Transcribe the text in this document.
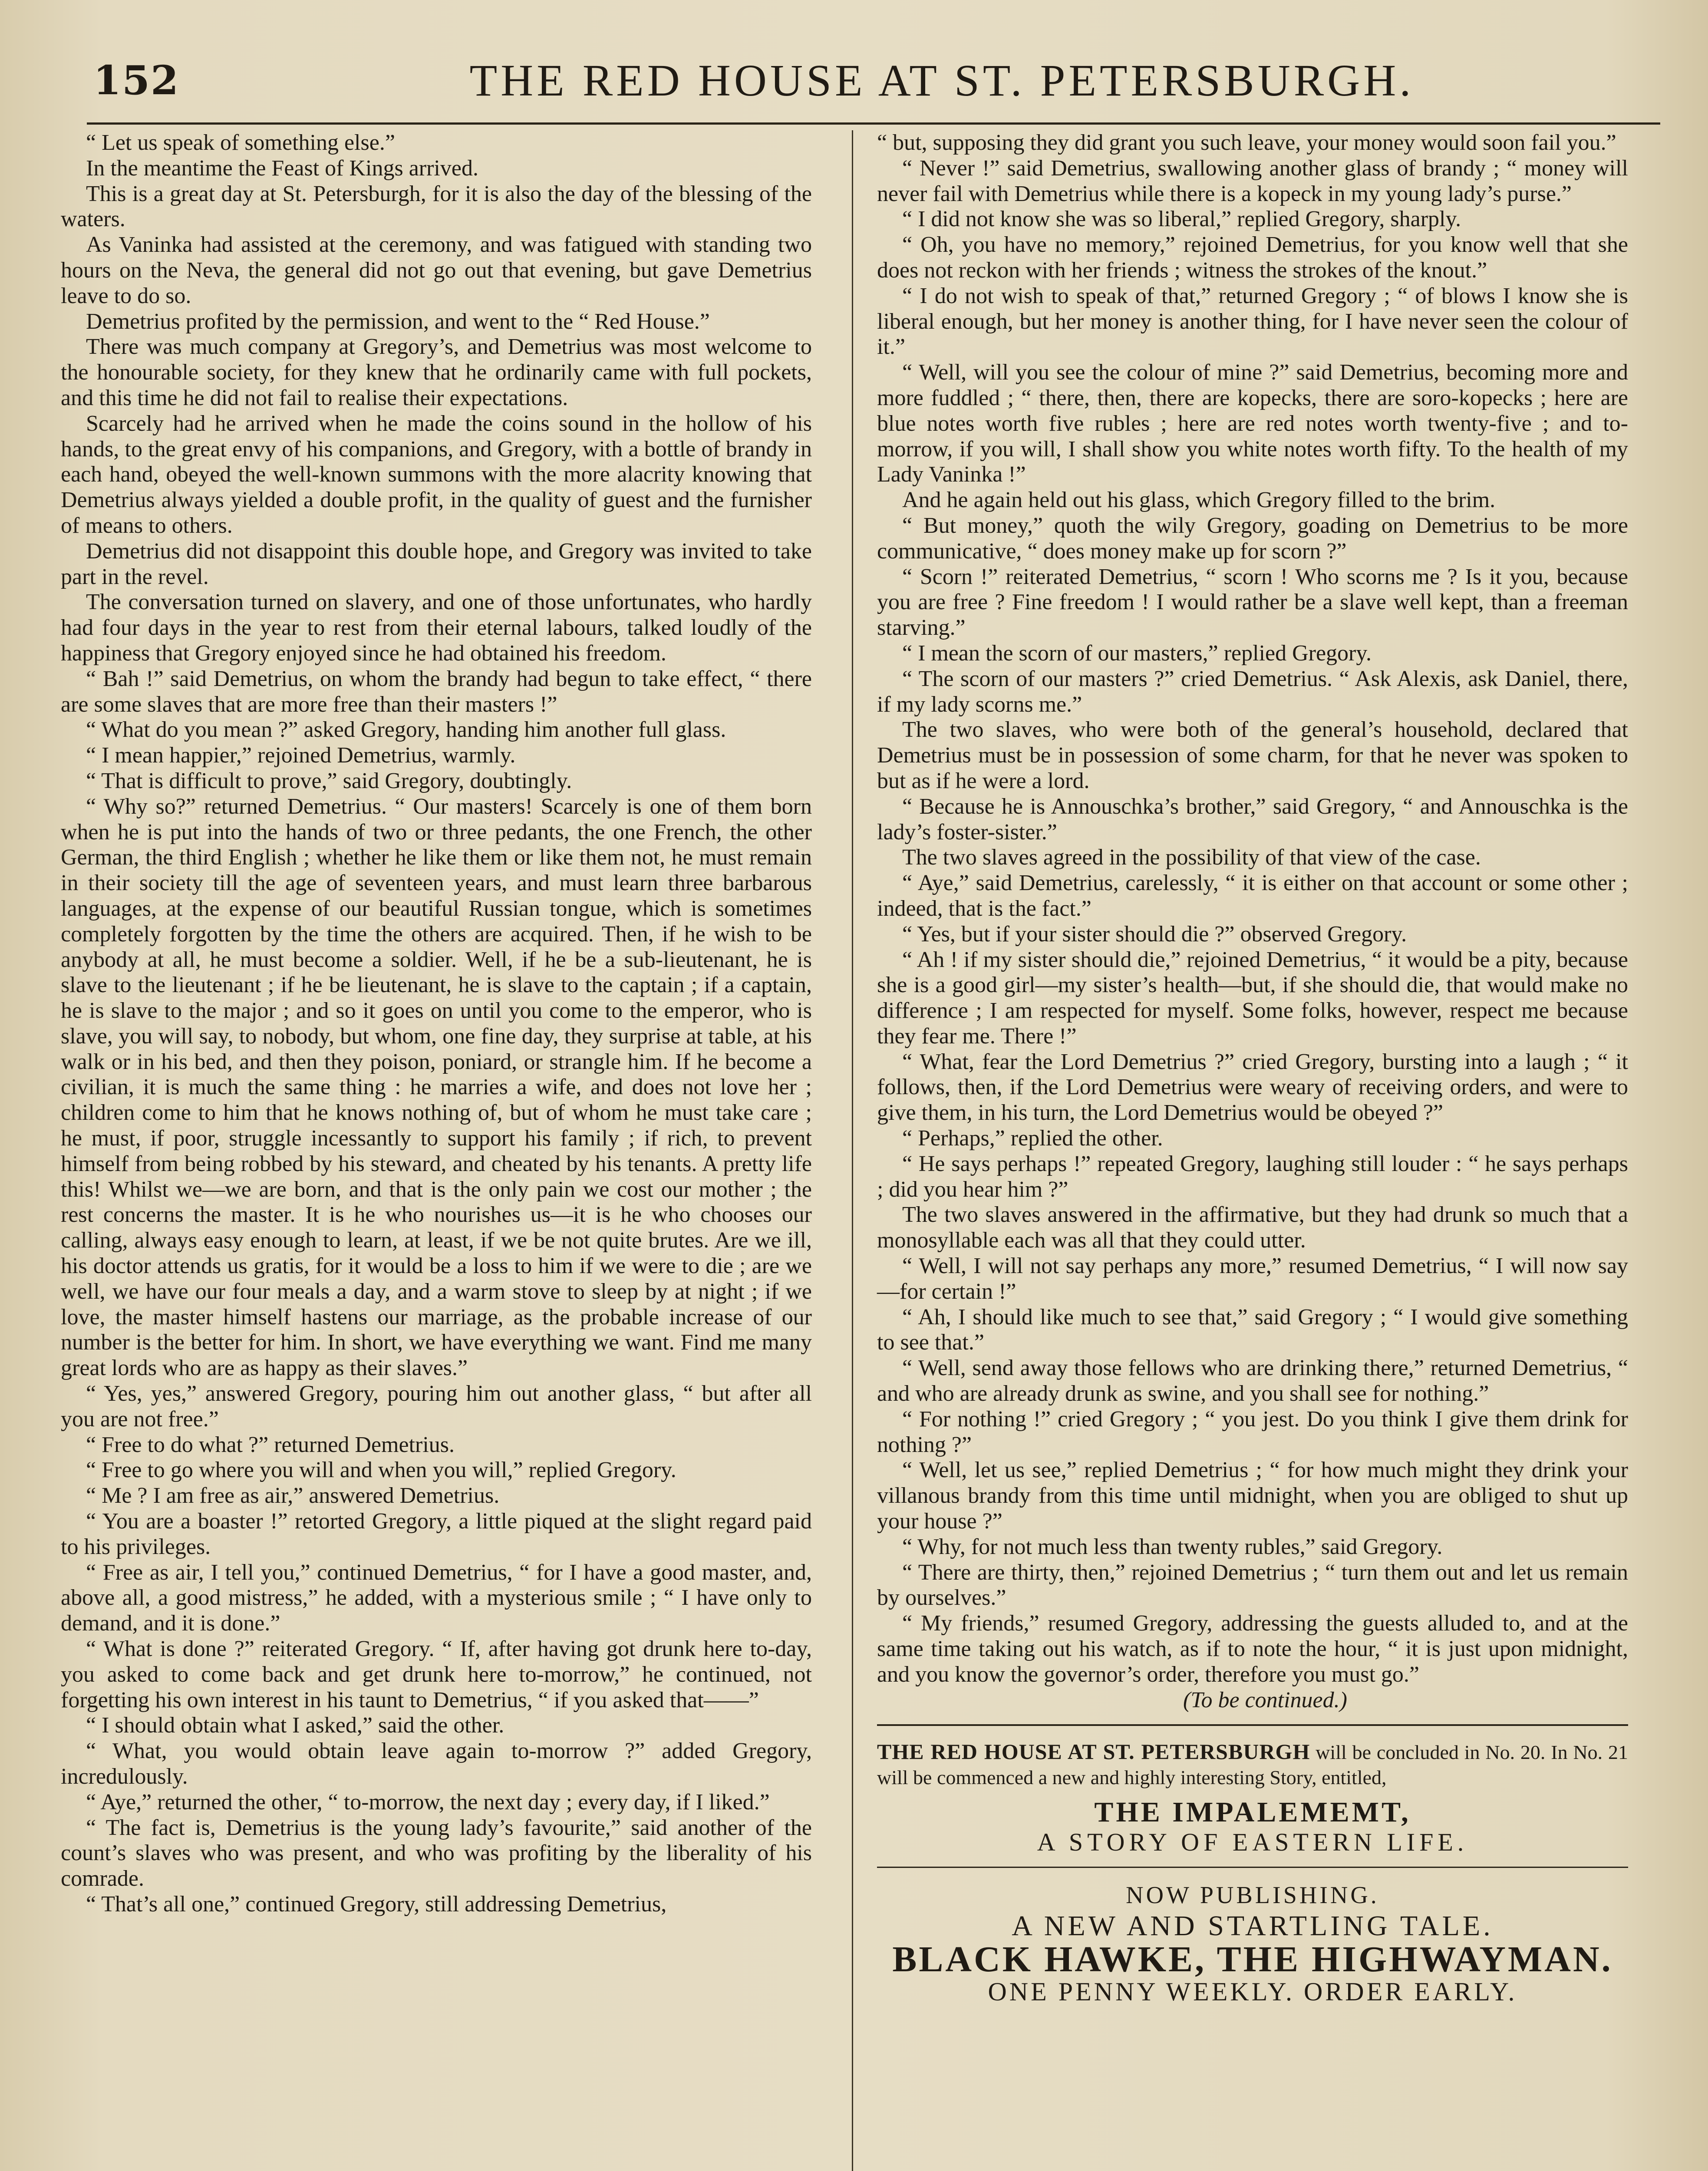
152	THE RED HOUSE AT ST. PETERSBURGH.

“ Let us speak of something else.”

In the meantime the Feast of Kings arrived.

This is a great day at St. Petersburgh, for it is also the day of the blessing of the waters.

As Vaninka had assisted at the ceremony, and was fatigued with standing two hours on the Neva, the general did not go out that evening, but gave Demetrius leave to do so.

Demetrius profited by the permission, and went to the “ Red House.”

There was much company at Gregory’s, and Demetrius was most welcome to the honourable society, for they knew that he ordinarily came with full pockets, and this time he did not fail to realise their expectations.

Scarcely had he arrived when he made the coins sound in the hollow of his hands, to the great envy of his companions, and Gregory, with a bottle of brandy in each hand, obeyed the well-known summons with the more alacrity knowing that Demetrius always yielded a double profit, in the quality of guest and the furnisher of means to others.

Demetrius did not disappoint this double hope, and Gregory was invited to take part in the revel.

The conversation turned on slavery, and one of those unfortunates, who hardly had four days in the year to rest from their eternal labours, talked loudly of the happiness that Gregory enjoyed since he had obtained his freedom.

“ Bah !” said Demetrius, on whom the brandy had begun to take effect, “ there are some slaves that are more free than their masters !”

“ What do you mean ?” asked Gregory, handing him another full glass.

“ I mean happier,” rejoined Demetrius, warmly.

“ That is difficult to prove,” said Gregory, doubtingly.

“ Why so?” returned Demetrius. “ Our masters! Scarcely is one of them born when he is put into the hands of two or three pedants, the one French, the other German, the third English ; whether he like them or like them not, he must remain in their society till the age of seventeen years, and must learn three barbarous languages, at the expense of our beautiful Russian tongue, which is sometimes completely forgotten by the time the others are acquired. Then, if he wish to be anybody at all, he must become a soldier. Well, if he be a sub-lieutenant, he is slave to the lieutenant ; if he be lieutenant, he is slave to the captain ; if a captain, he is slave to the major ; and so it goes on until you come to the emperor, who is slave, you will say, to nobody, but whom, one fine day, they surprise at table, at his walk or in his bed, and then they poison, poniard, or strangle him. If he become a civilian, it is much the same thing : he marries a wife, and does not love her ; children come to him that he knows nothing of, but of whom he must take care ; he must, if poor, struggle incessantly to support his family ; if rich, to prevent himself from being robbed by his steward, and cheated by his tenants. A pretty life this! Whilst we—we are born, and that is the only pain we cost our mother ; the rest concerns the master. It is he who nourishes us—it is he who chooses our calling, always easy enough to learn, at least, if we be not quite brutes. Are we ill, his doctor attends us gratis, for it would be a loss to him if we were to die ; are we well, we have our four meals a day, and a warm stove to sleep by at night ; if we love, the master himself hastens our marriage, as the probable increase of our number is the better for him. In short, we have everything we want. Find me many great lords who are as happy as their slaves.”

“ Yes, yes,” answered Gregory, pouring him out another glass, “ but after all you are not free.”

“ Free to do what ?” returned Demetrius.

“ Free to go where you will and when you will,” replied Gregory.

“ Me ? I am free as air,” answered Demetrius.

“ You are a boaster !” retorted Gregory, a little piqued at the slight regard paid to his privileges.

“ Free as air, I tell you,” continued Demetrius, “ for I have a good master, and, above all, a good mistress,” he added, with a mysterious smile ; “ I have only to demand, and it is done.”

“ What is done ?” reiterated Gregory. “ If, after having got drunk here to-day, you asked to come back and get drunk here to-morrow,” he continued, not forgetting his own interest in his taunt to Demetrius, “ if you asked that——”

“ I should obtain what I asked,” said the other.

“ What, you would obtain leave again to-morrow ?” added Gregory, incredulously.

“ Aye,” returned the other, “ to-morrow, the next day ; every day, if I liked.”

“ The fact is, Demetrius is the young lady’s favourite,” said another of the count’s slaves who was present, and who was profiting by the liberality of his comrade.

“ That’s all one,” continued Gregory, still addressing Demetrius,

“ but, supposing they did grant you such leave, your money would soon fail you.”

“ Never !” said Demetrius, swallowing another glass of brandy ; “ money will never fail with Demetrius while there is a kopeck in my young lady’s purse.”

“ I did not know she was so liberal,” replied Gregory, sharply.

“ Oh, you have no memory,” rejoined Demetrius, for you know well that she does not reckon with her friends ; witness the strokes of the knout.”

“ I do not wish to speak of that,” returned Gregory ; “ of blows I know she is liberal enough, but her money is another thing, for I have never seen the colour of it.”

“ Well, will you see the colour of mine ?” said Demetrius, becoming more and more fuddled ; “ there, then, there are kopecks, there are soro-kopecks ; here are blue notes worth five rubles ; here are red notes worth twenty-five ; and to-morrow, if you will, I shall show you white notes worth fifty. To the health of my Lady Vaninka !”

And he again held out his glass, which Gregory filled to the brim.

“ But money,” quoth the wily Gregory, goading on Demetrius to be more communicative, “ does money make up for scorn ?”

“ Scorn !” reiterated Demetrius, “ scorn ! Who scorns me ? Is it you, because you are free ? Fine freedom ! I would rather be a slave well kept, than a freeman starving.”

“ I mean the scorn of our masters,” replied Gregory.

“ The scorn of our masters ?” cried Demetrius. “ Ask Alexis, ask Daniel, there, if my lady scorns me.”

The two slaves, who were both of the general’s household, declared that Demetrius must be in possession of some charm, for that he never was spoken to but as if he were a lord.

“ Because he is Annouschka’s brother,” said Gregory, “ and Annouschka is the lady’s foster-sister.”

The two slaves agreed in the possibility of that view of the case.

“ Aye,” said Demetrius, carelessly, “ it is either on that account or some other ; indeed, that is the fact.”

“ Yes, but if your sister should die ?” observed Gregory.

“ Ah ! if my sister should die,” rejoined Demetrius, “ it would be a pity, because she is a good girl—my sister’s health—but, if she should die, that would make no difference ; I am respected for myself. Some folks, however, respect me because they fear me. There !”

“ What, fear the Lord Demetrius ?” cried Gregory, bursting into a laugh ; “ it follows, then, if the Lord Demetrius were weary of receiving orders, and were to give them, in his turn, the Lord Demetrius would be obeyed ?”

“ Perhaps,” replied the other.

“ He says perhaps !” repeated Gregory, laughing still louder : “ he says perhaps ; did you hear him ?”

The two slaves answered in the affirmative, but they had drunk so much that a monosyllable each was all that they could utter.

“ Well, I will not say perhaps any more,” resumed Demetrius, “ I will now say—for certain !”

“ Ah, I should like much to see that,” said Gregory ; “ I would give something to see that.”

“ Well, send away those fellows who are drinking there,” returned Demetrius, “ and who are already drunk as swine, and you shall see for nothing.”

“ For nothing !” cried Gregory ; “ you jest. Do you think I give them drink for nothing ?”

“ Well, let us see,” replied Demetrius ; “ for how much might they drink your villanous brandy from this time until midnight, when you are obliged to shut up your house ?”

“ Why, for not much less than twenty rubles,” said Gregory.

“ There are thirty, then,” rejoined Demetrius ; “ turn them out and let us remain by ourselves.”

“ My friends,” resumed Gregory, addressing the guests alluded to, and at the same time taking out his watch, as if to note the hour, “ it is just upon midnight, and you know the governor’s order, therefore you must go.”

(To be continued.)

THE RED HOUSE AT ST. PETERSBURGH will be concluded in No. 20. In No. 21 will be commenced a new and highly interesting Story, entitled,
THE IMPALEMEMT,
A STORY OF EASTERN LIFE.
NOW PUBLISHING.
A NEW AND STARTLING TALE.
BLACK HAWKE, THE HIGHWAYMAN.
ONE PENNY WEEKLY. ORDER EARLY.
